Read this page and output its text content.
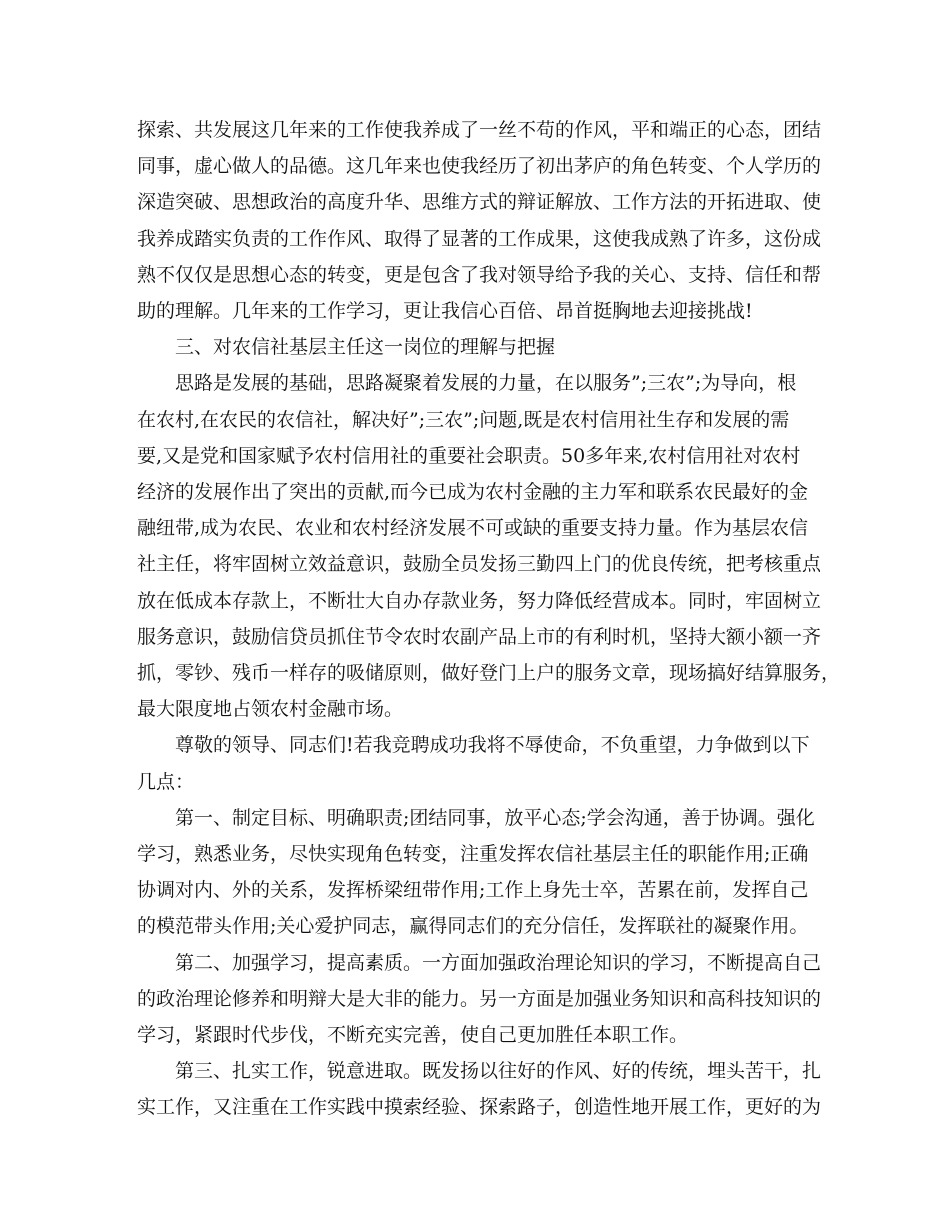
探索、共发展这几年来的工作使我养成了一丝不苟的作风，平和端正的心态，团结
同事，虚心做人的品德。这几年来也使我经历了初出茅庐的角色转变、个人学历的
深造突破、思想政治的高度升华、思维方式的辩证解放、工作方法的开拓进取、使
我养成踏实负责的工作作风、取得了显著的工作成果，这使我成熟了许多，这份成
熟不仅仅是思想心态的转变，更是包含了我对领导给予我的关心、支持、信任和帮
助的理解。几年来的工作学习，更让我信心百倍、昂首挺胸地去迎接挑战!
三、对农信社基层主任这一岗位的理解与把握
思路是发展的基础，思路凝聚着发展的力量，在以服务”;三农”;为导向，根
在农村,在农民的农信社，解决好”;三农”;问题,既是农村信用社生存和发展的需
要,又是党和国家赋予农村信用社的重要社会职责。50多年来,农村信用社对农村
经济的发展作出了突出的贡献,而今已成为农村金融的主力军和联系农民最好的金
融纽带,成为农民、农业和农村经济发展不可或缺的重要支持力量。作为基层农信
社主任，将牢固树立效益意识，鼓励全员发扬三勤四上门的优良传统，把考核重点
放在低成本存款上，不断壮大自办存款业务，努力降低经营成本。同时，牢固树立
服务意识，鼓励信贷员抓住节令农时农副产品上市的有利时机，坚持大额小额一齐
抓，零钞、残币一样存的吸储原则，做好登门上户的服务文章，现场搞好结算服务，
最大限度地占领农村金融市场。
尊敬的领导、同志们!若我竞聘成功我将不辱使命，不负重望，力争做到以下
几点：
第一、制定目标、明确职责;团结同事，放平心态;学会沟通，善于协调。强化
学习，熟悉业务，尽快实现角色转变，注重发挥农信社基层主任的职能作用;正确
协调对内、外的关系，发挥桥梁纽带作用;工作上身先士卒，苦累在前，发挥自己
的模范带头作用;关心爱护同志，赢得同志们的充分信任，发挥联社的凝聚作用。
第二、加强学习，提高素质。一方面加强政治理论知识的学习，不断提高自己
的政治理论修养和明辩大是大非的能力。另一方面是加强业务知识和高科技知识的
学习，紧跟时代步伐，不断充实完善，使自己更加胜任本职工作。
第三、扎实工作，锐意进取。既发扬以往好的作风、好的传统，埋头苦干，扎
实工作，又注重在工作实践中摸索经验、探索路子，创造性地开展工作，更好的为
